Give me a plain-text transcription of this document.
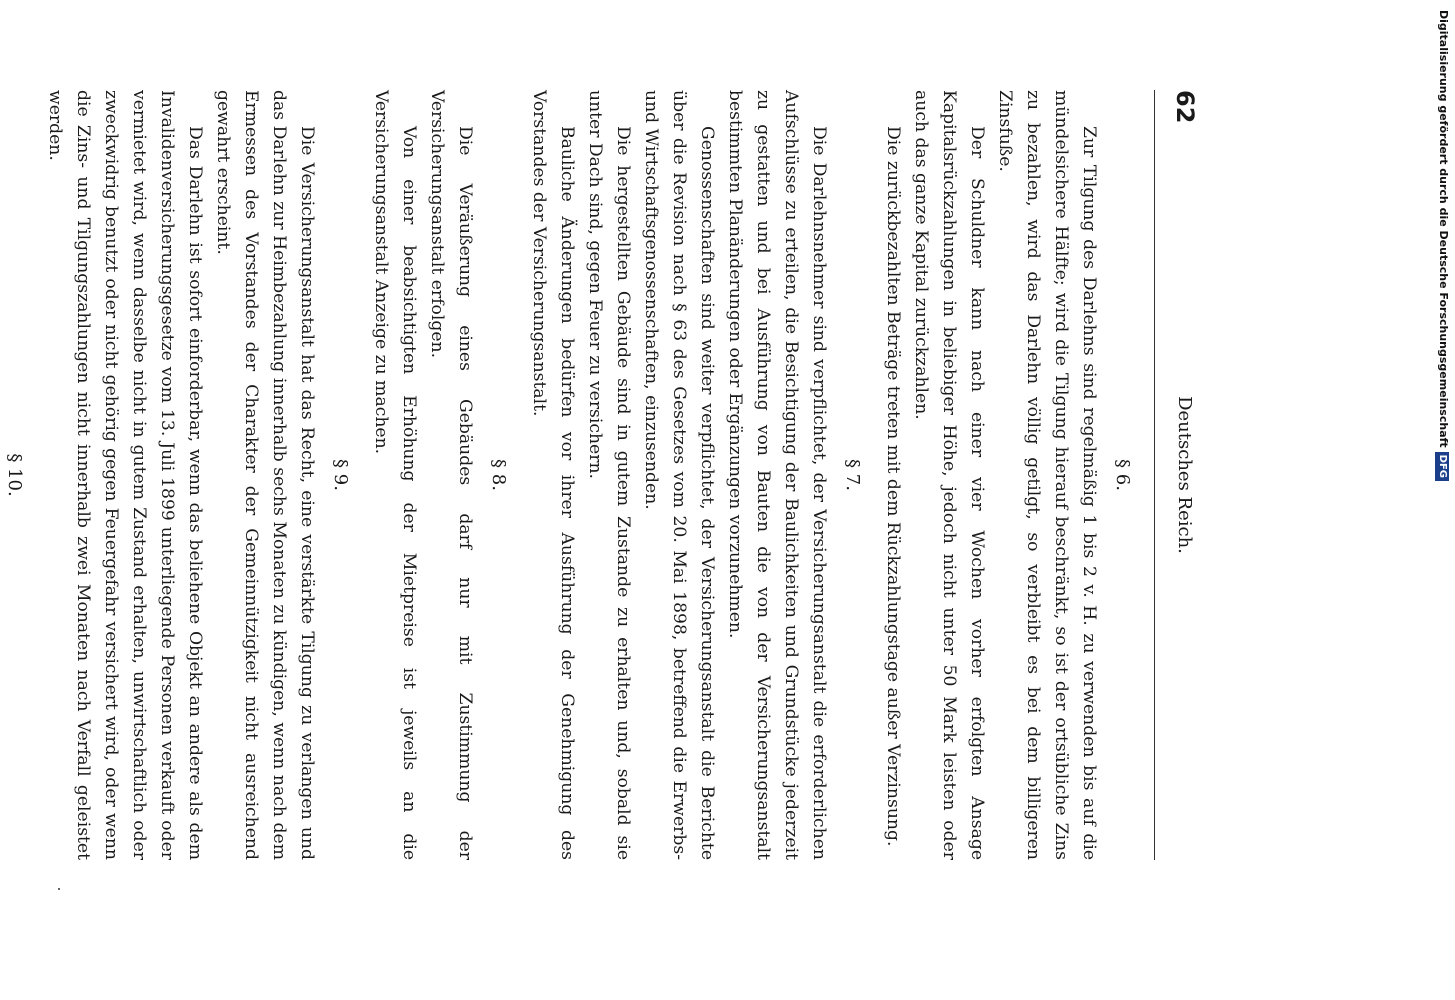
62
Deutsches Reich.
§ 6.

Zur Tilgung des Darlehns sind regelmäßig 1 bis 2 v. H. zu verwenden bis auf die mündelsichere Hälfte; wird die Tilgung hierauf beschränkt, so ist der ortsübliche Zins zu bezahlen, wird das Darlehn völlig getilgt, so verbleibt es bei dem billigeren Zinsfuße.

Der Schuldner kann nach einer vier Wochen vorher erfolgten Ansage Kapitalsrückzahlungen in beliebiger Höhe, jedoch nicht unter 50 Mark leisten oder auch das ganze Kapital zurückzahlen.

Die zurückbezahlten Beträge treten mit dem Rückzahlungstage außer Verzinsung.

§ 7.

Die Darlehnsnehmer sind verpflichtet, der Versicherungsanstalt die erforderlichen Aufschlüsse zu erteilen, die Besichtigung der Baulichkeiten und Grundstücke jederzeit zu gestatten und bei Ausführung von Bauten die von der Versicherungsanstalt bestimmten Planänderungen oder Ergänzungen vorzunehmen.

Genossenschaften sind weiter verpflichtet, der Versicherungsanstalt die Berichte über die Revision nach § 63 des Gesetzes vom 20. Mai 1898, betreffend die Erwerbs- und Wirtschaftsgenossenschaften, einzusenden.

Die hergestellten Gebäude sind in gutem Zustande zu erhalten und, sobald sie unter Dach sind, gegen Feuer zu versichern.

Bauliche Änderungen bedürfen vor ihrer Ausführung der Genehmigung des Vorstandes der Versicherungsanstalt.

§ 8.

Die Veräußerung eines Gebäudes darf nur mit Zustimmung der Versicherungsanstalt erfolgen.

Von einer beabsichtigten Erhöhung der Mietpreise ist jeweils an die Versicherungsanstalt Anzeige zu machen.

§ 9.

Die Versicherungsanstalt hat das Recht, eine verstärkte Tilgung zu verlangen und das Darlehn zur Heimbezahlung innerhalb sechs Monaten zu kündigen, wenn nach dem Ermessen des Vorstandes der Charakter der Gemeinnützigkeit nicht ausreichend gewahrt erscheint.

Das Darlehn ist sofort einforderbar, wenn das beliehene Objekt an andere als dem Invalidenversicherungsgesetze vom 13. Juli 1899 unterliegende Personen verkauft oder vermietet wird, wenn dasselbe nicht in gutem Zustand erhalten, unwirtschaftlich oder zweckwidrig benutzt oder nicht gehörig gegen Feuergefahr versichert wird, oder wenn die Zins- und Tilgungszahlungen nicht innerhalb zwei Monaten nach Verfall geleistet werden.

§ 10.

Digitalisierung gefördert durch die Deutsche ForschungsgemeinschaftDFG
